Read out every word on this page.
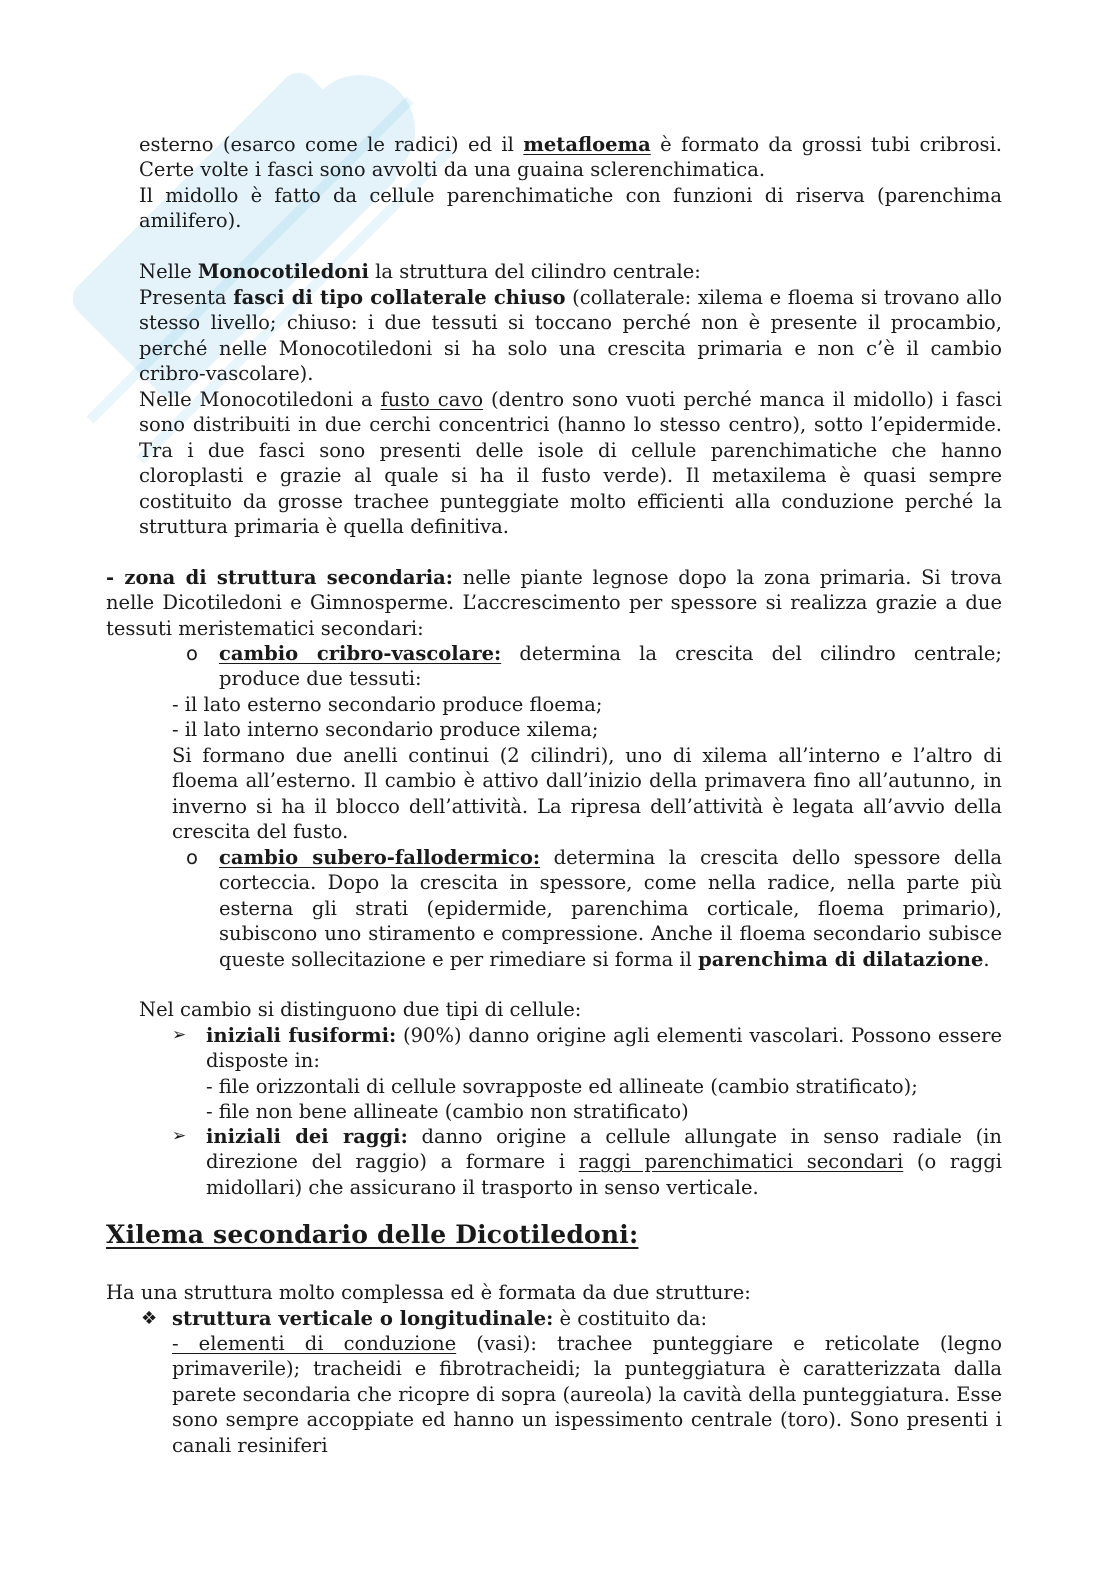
esterno (esarco come le radici) ed il metafloema è formato da grossi tubi cribrosi. Certe volte i fasci sono avvolti da una guaina sclerenchimatica.

Il midollo è fatto da cellule parenchimatiche con funzioni di riserva (parenchima amilifero).

Nelle Monocotiledoni la struttura del cilindro centrale:

Presenta fasci di tipo collaterale chiuso (collaterale: xilema e floema si trovano allo stesso livello; chiuso: i due tessuti si toccano perché non è presente il procambio, perché nelle Monocotiledoni si ha solo una crescita primaria e non c’è il cambio cribro-vascolare).

Nelle Monocotiledoni a fusto cavo (dentro sono vuoti perché manca il midollo) i fasci sono distribuiti in due cerchi concentrici (hanno lo stesso centro), sotto l’epidermide. Tra i due fasci sono presenti delle isole di cellule parenchimatiche che hanno cloroplasti e grazie al quale si ha il fusto verde). Il metaxilema è quasi sempre costituito da grosse trachee punteggiate molto efficienti alla conduzione perché la struttura primaria è quella definitiva.

- zona di struttura secondaria: nelle piante legnose dopo la zona primaria. Si trova nelle Dicotiledoni e Gimnosperme. L’accrescimento per spessore si realizza grazie a due tessuti meristematici secondari:

o cambio cribro-vascolare: determina la crescita del cilindro centrale; produce due tessuti:

- il lato esterno secondario produce floema;

- il lato interno secondario produce xilema;

Si formano due anelli continui (2 cilindri), uno di xilema all’interno e l’altro di floema all’esterno. Il cambio è attivo dall’inizio della primavera fino all’autunno, in inverno si ha il blocco dell’attività. La ripresa dell’attività è legata all’avvio della crescita del fusto.

o cambio subero-fallodermico: determina la crescita dello spessore della corteccia. Dopo la crescita in spessore, come nella radice, nella parte più esterna gli strati (epidermide, parenchima corticale, floema primario), subiscono uno stiramento e compressione. Anche il floema secondario subisce queste sollecitazione e per rimediare si forma il parenchima di dilatazione.

Nel cambio si distinguono due tipi di cellule:

➢ iniziali fusiformi: (90%) danno origine agli elementi vascolari. Possono essere disposte in:

- file orizzontali di cellule sovrapposte ed allineate (cambio stratificato);

- file non bene allineate (cambio non stratificato)

➢ iniziali dei raggi: danno origine a cellule allungate in senso radiale (in direzione del raggio) a formare i raggi parenchimatici secondari (o raggi midollari) che assicurano il trasporto in senso verticale.

Xilema secondario delle Dicotiledoni:

Ha una struttura molto complessa ed è formata da due strutture:

❖ struttura verticale o longitudinale: è costituito da:

- elementi di conduzione (vasi): trachee punteggiare e reticolate (legno primaverile); tracheidi e fibrotracheidi; la punteggiatura è caratterizzata dalla parete secondaria che ricopre di sopra (aureola) la cavità della punteggiatura. Esse sono sempre accoppiate ed hanno un ispessimento centrale (toro). Sono presenti i canali resiniferi
